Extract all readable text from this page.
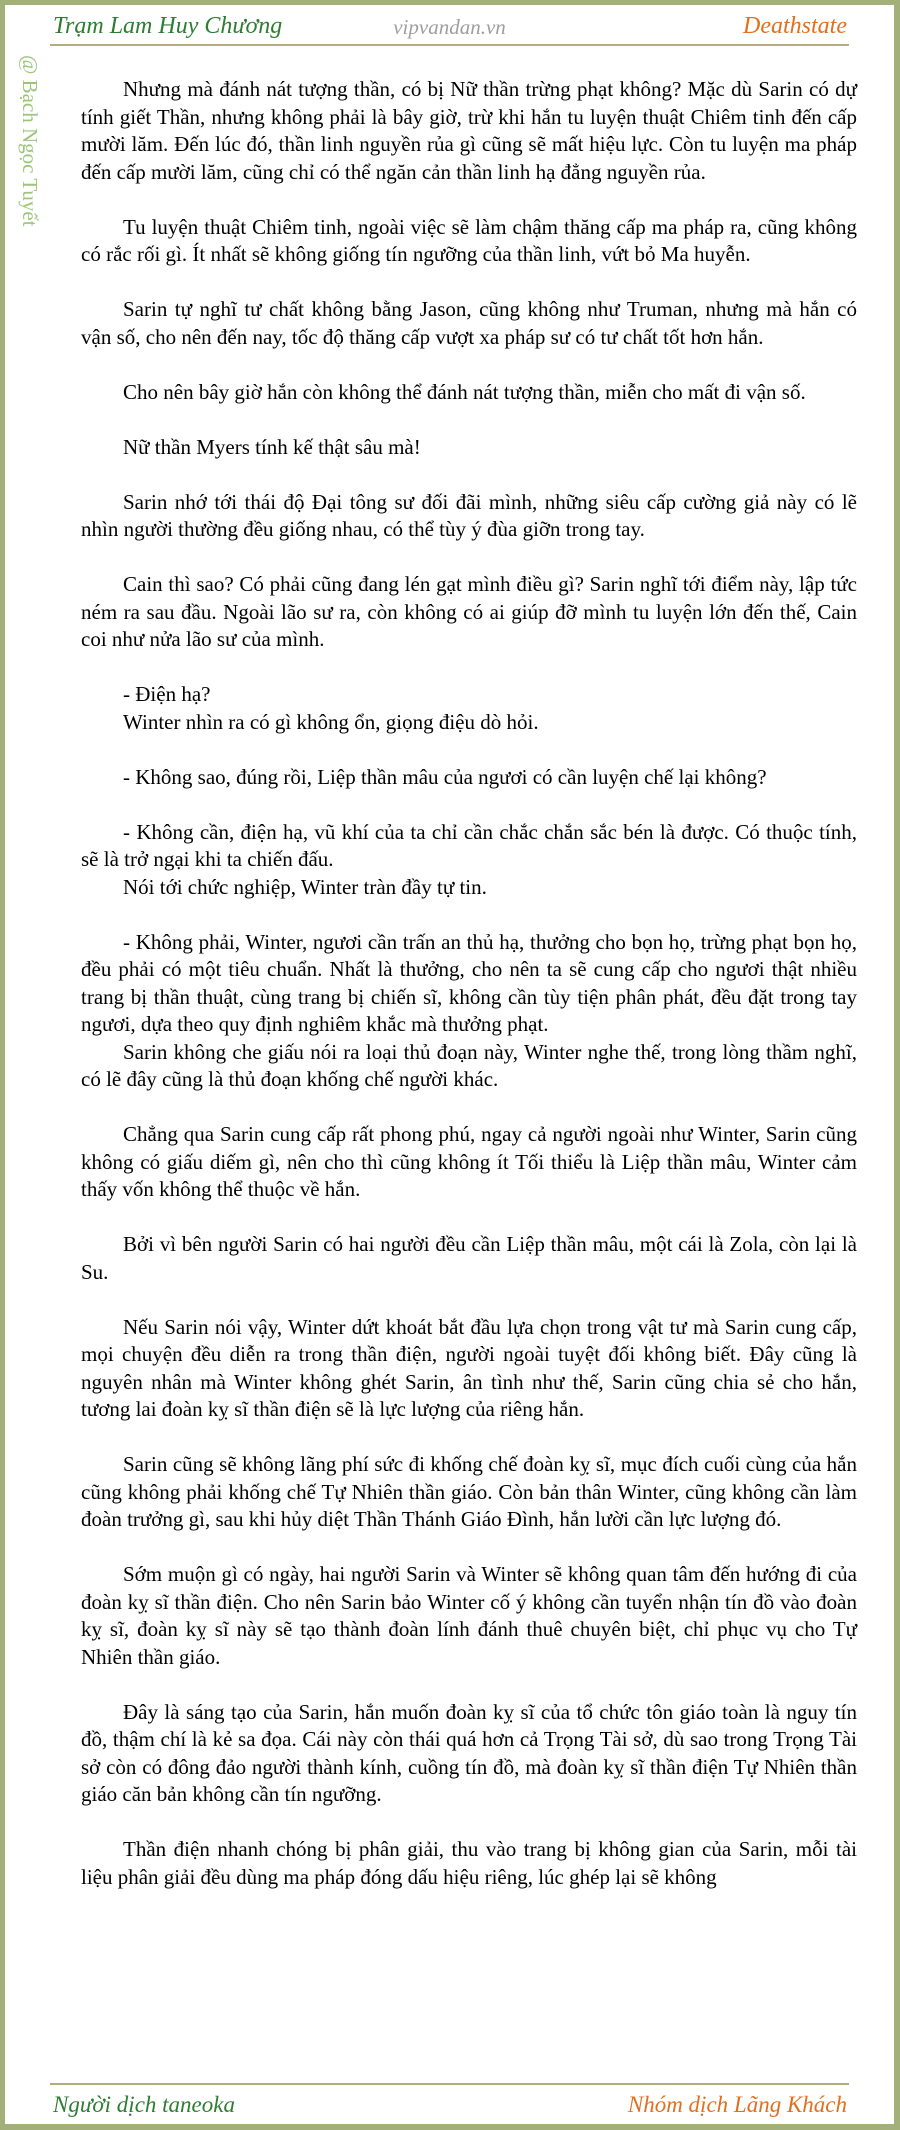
Trạm Lam Huy Chương	vipvandan.vn	Deathstate
@ Bạch Ngọc Tuyết	Nhưng mà đánh nát tượng thần, có bị Nữ thần trừng phạt không? Mặc dù Sarin có dự tính giết Thần, nhưng không phải là bây giờ, trừ khi hắn tu luyện thuật Chiêm tinh đến cấp mười lăm. Đến lúc đó, thần linh nguyền rủa gì cũng sẽ mất hiệu lực. Còn tu luyện ma pháp đến cấp mười lăm, cũng chỉ có thể ngăn cản thần linh hạ đẳng nguyền rủa.

Tu luyện thuật Chiêm tinh, ngoài việc sẽ làm chậm thăng cấp ma pháp ra, cũng không có rắc rối gì. Ít nhất sẽ không giống tín ngưỡng của thần linh, vứt bỏ Ma huyễn.

Sarin tự nghĩ tư chất không bằng Jason, cũng không như Truman, nhưng mà hắn có vận số, cho nên đến nay, tốc độ thăng cấp vượt xa pháp sư có tư chất tốt hơn hắn.

Cho nên bây giờ hắn còn không thể đánh nát tượng thần, miễn cho mất đi vận số.

Nữ thần Myers tính kế thật sâu mà!

Sarin nhớ tới thái độ Đại tông sư đối đãi mình, những siêu cấp cường giả này có lẽ nhìn người thường đều giống nhau, có thể tùy ý đùa giỡn trong tay.

Cain thì sao? Có phải cũng đang lén gạt mình điều gì? Sarin nghĩ tới điểm này, lập tức ném ra sau đầu. Ngoài lão sư ra, còn không có ai giúp đỡ mình tu luyện lớn đến thế, Cain coi như nửa lão sư của mình.

- Điện hạ?

Winter nhìn ra có gì không ổn, giọng điệu dò hỏi.

- Không sao, đúng rồi, Liệp thần mâu của ngươi có cần luyện chế lại không?

- Không cần, điện hạ, vũ khí của ta chỉ cần chắc chắn sắc bén là được. Có thuộc tính, sẽ là trở ngại khi ta chiến đấu.

Nói tới chức nghiệp, Winter tràn đầy tự tin.

- Không phải, Winter, ngươi cần trấn an thủ hạ, thưởng cho bọn họ, trừng phạt bọn họ, đều phải có một tiêu chuẩn. Nhất là thưởng, cho nên ta sẽ cung cấp cho ngươi thật nhiều trang bị thần thuật, cùng trang bị chiến sĩ, không cần tùy tiện phân phát, đều đặt trong tay ngươi, dựa theo quy định nghiêm khắc mà thưởng phạt.

Sarin không che giấu nói ra loại thủ đoạn này, Winter nghe thế, trong lòng thầm nghĩ, có lẽ đây cũng là thủ đoạn khống chế người khác.

Chẳng qua Sarin cung cấp rất phong phú, ngay cả người ngoài như Winter, Sarin cũng không có giấu diếm gì, nên cho thì cũng không ít Tối thiểu là Liệp thần mâu, Winter cảm thấy vốn không thể thuộc về hắn.

Bởi vì bên người Sarin có hai người đều cần Liệp thần mâu, một cái là Zola, còn lại là Su.

Nếu Sarin nói vậy, Winter dứt khoát bắt đầu lựa chọn trong vật tư mà Sarin cung cấp, mọi chuyện đều diễn ra trong thần điện, người ngoài tuyệt đối không biết. Đây cũng là nguyên nhân mà Winter không ghét Sarin, ân tình như thế, Sarin cũng chia sẻ cho hắn, tương lai đoàn kỵ sĩ thần điện sẽ là lực lượng của riêng hắn.

Sarin cũng sẽ không lãng phí sức đi khống chế đoàn kỵ sĩ, mục đích cuối cùng của hắn cũng không phải khống chế Tự Nhiên thần giáo. Còn bản thân Winter, cũng không cần làm đoàn trưởng gì, sau khi hủy diệt Thần Thánh Giáo Đình, hắn lười cần lực lượng đó.

Sớm muộn gì có ngày, hai người Sarin và Winter sẽ không quan tâm đến hướng đi của đoàn kỵ sĩ thần điện. Cho nên Sarin bảo Winter cố ý không cần tuyển nhận tín đồ vào đoàn kỵ sĩ, đoàn kỵ sĩ này sẽ tạo thành đoàn lính đánh thuê chuyên biệt, chỉ phục vụ cho Tự Nhiên thần giáo.

Đây là sáng tạo của Sarin, hắn muốn đoàn kỵ sĩ của tổ chức tôn giáo toàn là nguy tín đồ, thậm chí là kẻ sa đọa. Cái này còn thái quá hơn cả Trọng Tài sở, dù sao trong Trọng Tài sở còn có đông đảo người thành kính, cuồng tín đồ, mà đoàn kỵ sĩ thần điện Tự Nhiên thần giáo căn bản không cần tín ngưỡng.

Thần điện nhanh chóng bị phân giải, thu vào trang bị không gian của Sarin, mỗi tài liệu phân giải đều dùng ma pháp đóng dấu hiệu riêng, lúc ghép lại sẽ không

Người dịch taneoka	Nhóm dịch Lãng Khách
